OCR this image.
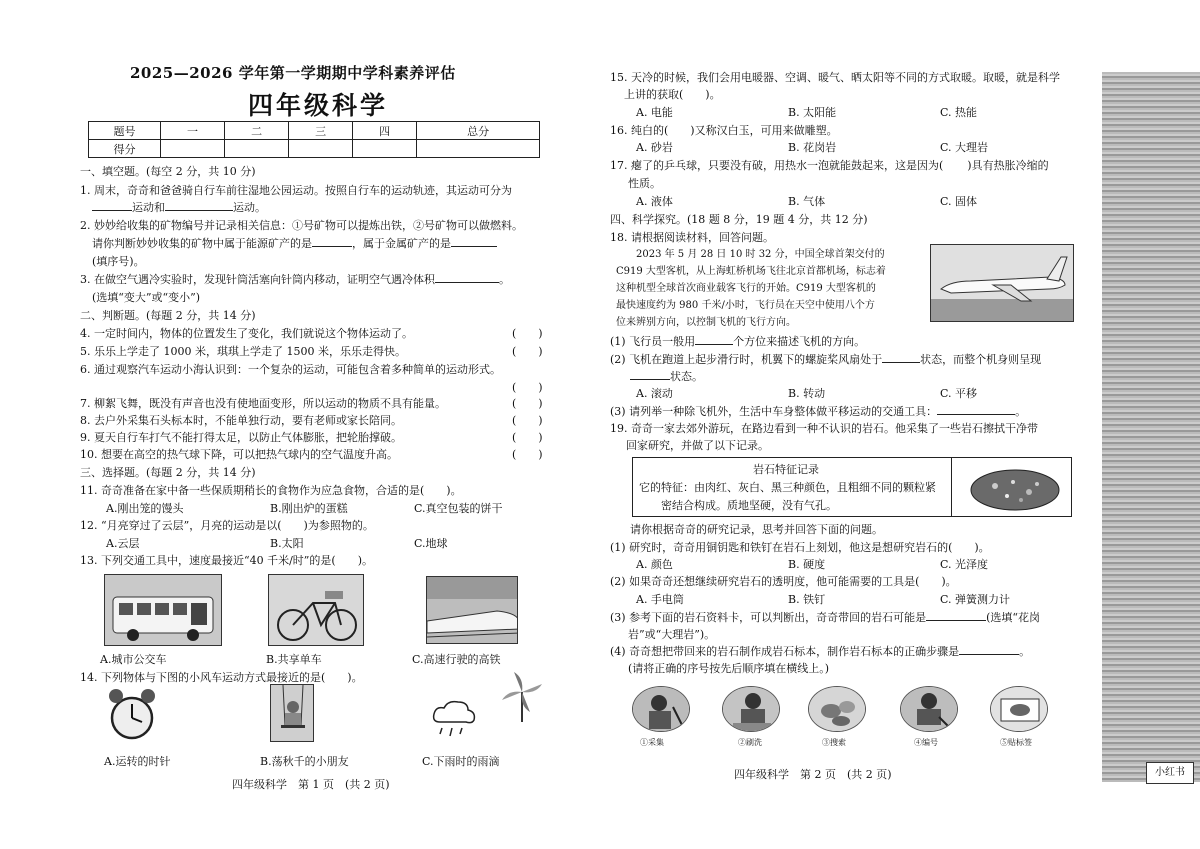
2025—2026 学年第一学期期中学科素养评估
四年级科学
题号	一	二	三	四	总分
得分					
一、填空题。(每空 2 分，共 10 分)
1. 周末，奇奇和爸爸骑自行车前往湿地公园运动。按照自行车的运动轨迹，其运动可分为
运动和	运动。
2. 妙妙给收集的矿物编号并记录相关信息：①号矿物可以提炼出铁，②号矿物可以做燃料。
请你判断妙妙收集的矿物中属于能源矿产的是	，属于金属矿产的是
(填序号)。
3. 在做空气遇冷实验时，发现针筒活塞向针筒内移动，证明空气遇冷体积	。
(选填“变大”或“变小”)
二、判断题。(每题 2 分，共 14 分)
4. 一定时间内，物体的位置发生了变化，我们就说这个物体运动了。	(　　)
5. 乐乐上学走了 1000 米，琪琪上学走了 1500 米，乐乐走得快。	(　　)
6. 通过观察汽车运动小海认识到：一个复杂的运动，可能包含着多种简单的运动形式。
(　　)
7. 柳絮飞舞，既没有声音也没有使地面变形，所以运动的物质不具有能量。	(　　)
8. 去户外采集石头标本时，不能单独行动，要有老师或家长陪同。	(　　)
9. 夏天自行车打气不能打得太足，以防止气体膨胀，把轮胎撑破。	(　　)
10. 想要在高空的热气球下降，可以把热气球内的空气温度升高。	(　　)
三、选择题。(每题 2 分，共 14 分)
11. 奇奇准备在家中备一些保质期稍长的食物作为应急食物，合适的是(　　)。
A.刚出笼的馒头	B.刚出炉的蛋糕	C.真空包装的饼干
12. “月亮穿过了云层”，月亮的运动是以(　　)为参照物的。
A.云层	B.太阳	C.地球
13. 下列交通工具中，速度最接近“40 千米/时”的是(　　)。
A.城市公交车	B.共享单车	C.高速行驶的高铁
14. 下列物体与下图的小风车运动方式最接近的是(　　)。
A.运转的时针	B.荡秋千的小朋友	C.下雨时的雨滴
四年级科学　第 1 页　(共 2 页)
15. 天冷的时候，我们会用电暖器、空调、暖气、晒太阳等不同的方式取暖。取暖，就是科学
上讲的获取(　　)。
A. 电能	B. 太阳能	C. 热能
16. 纯白的(　　)又称汉白玉，可用来做雕塑。
A. 砂岩	B. 花岗岩	C. 大理岩
17. 瘪了的乒乓球，只要没有破，用热水一泡就能鼓起来，这是因为( )具有热胀冷缩的
性质。
A. 液体	B. 气体	C. 固体
四、科学探究。(18 题 8 分，19 题 4 分，共 12 分)
18. 请根据阅读材料，回答问题。
　　2023 年 5 月 28 日 10 时 32 分，中国全球首架交付的
C919 大型客机，从上海虹桥机场飞往北京首都机场，标志着
这种机型全球首次商业载客飞行的开始。C919 大型客机的
最快速度约为 980 千米/小时，飞行员在天空中使用八个方
位来辨别方向，以控制飞机的飞行方向。
(1) 飞行员一般用	个方位来描述飞机的方向。
(2) 飞机在跑道上起步滑行时，机翼下的螺旋桨风扇处于	状态，而整个机身则呈现
状态。
A. 滚动	B. 转动	C. 平移
(3) 请列举一种除飞机外，生活中车身整体做平移运动的交通工具：	。
19. 奇奇一家去郊外游玩，在路边看到一种不认识的岩石。他采集了一些岩石擦拭干净带
回家研究，并做了以下记录。
岩石特征记录
它的特征：由肉红、灰白、黑三种颜色，且粗细不同的颗粒紧
密结合构成。质地坚硬，没有气孔。
请你根据奇奇的研究记录，思考并回答下面的问题。
(1) 研究时，奇奇用铜钥匙和铁钉在岩石上刻划，他这是想研究岩石的(　　)。
A. 颜色	B. 硬度	C. 光泽度
(2) 如果奇奇还想继续研究岩石的透明度，他可能需要的工具是(　　)。
A. 手电筒	B. 铁钉	C. 弹簧测力计
(3) 参考下面的岩石资料卡，可以判断出，奇奇带回的岩石可能是	(选填“花岗
岩”或“大理岩”)。
(4) 奇奇想把带回来的岩石制作成岩石标本，制作岩石标本的正确步骤是	。
(请将正确的序号按先后顺序填在横线上。)
①采集	②刷洗	③搜索	④编号	⑤贴标签
四年级科学　第 2 页　(共 2 页)	小红书
